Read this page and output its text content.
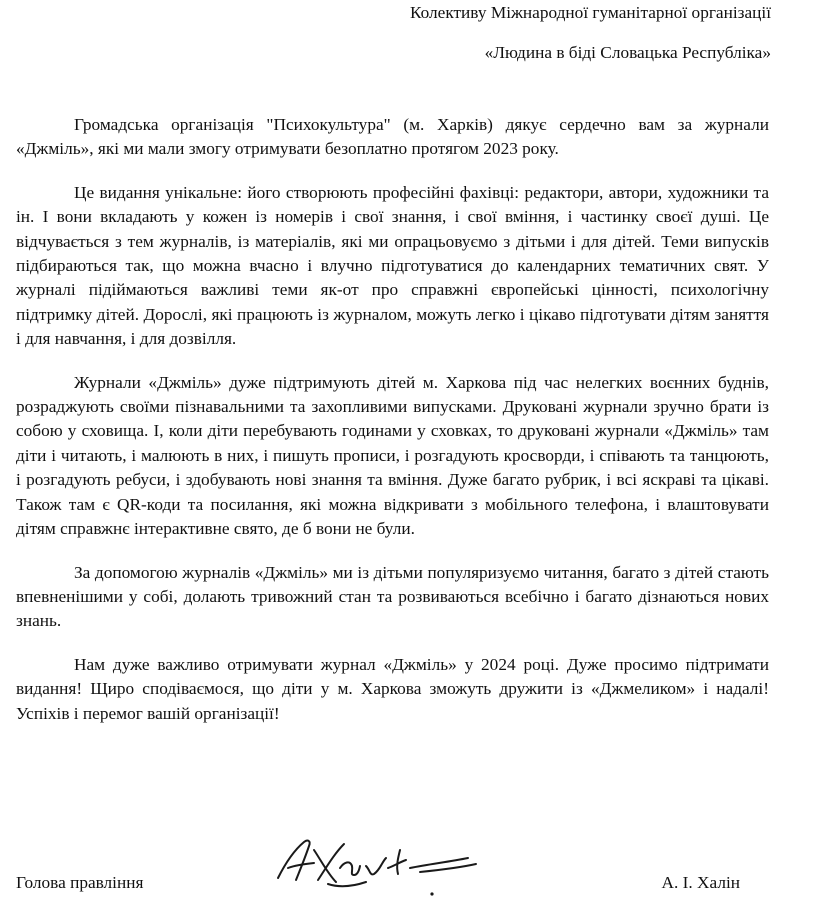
Колективу Міжнародної гуманітарної організації
«Людина в біді Словацька Республіка»

Громадська організація "Психокультура" (м. Харків) дякує сердечно вам за журнали «Джміль», які ми мали змогу отримувати безоплатно протягом 2023 року.

Це видання унікальне: його створюють професійні фахівці: редактори, автори, художники та ін. І вони вкладають у кожен із номерів і свої знання, і свої вміння, і частинку своєї душі. Це відчувається з тем журналів, із матеріалів, які ми опрацьовуємо з дітьми і для дітей. Теми випусків підбираються так, що можна вчасно і влучно підготуватися до календарних тематичних свят. У журналі підіймаються важливі теми як-от про справжні європейські цінності, психологічну підтримку дітей. Дорослі, які працюють із журналом, можуть легко і цікаво підготувати дітям заняття і для навчання, і для дозвілля.

Журнали «Джміль» дуже підтримують дітей м. Харкова під час нелегких воєнних буднів, розраджують своїми пізнавальними та захопливими випусками. Друковані журнали зручно брати із собою у сховища. І, коли діти перебувають годинами у сховках, то друковані журнали «Джміль» там діти і читають, і малюють в них, і пишуть прописи, і розгадують кросворди, і співають та танцюють, і розгадують ребуси, і здобувають нові знання та вміння. Дуже багато рубрик, і всі яскраві та цікаві. Також там є QR-коди та посилання, які можна відкривати з мобільного телефона, і влаштовувати дітям справжнє інтерактивне свято, де б вони не були.

За допомогою журналів «Джміль» ми із дітьми популяризуємо читання, багато з дітей стають впевненішими у собі, долають тривожний стан та розвиваються всебічно і багато дізнаються нових знань.

Нам дуже важливо отримувати журнал «Джміль» у 2024 році. Дуже просимо підтримати видання! Щиро сподіваємося, що діти у м. Харкова зможуть дружити із «Джмеликом» і надалі! Успіхів і перемог вашій організації!

Голова правління	А. І. Халін
